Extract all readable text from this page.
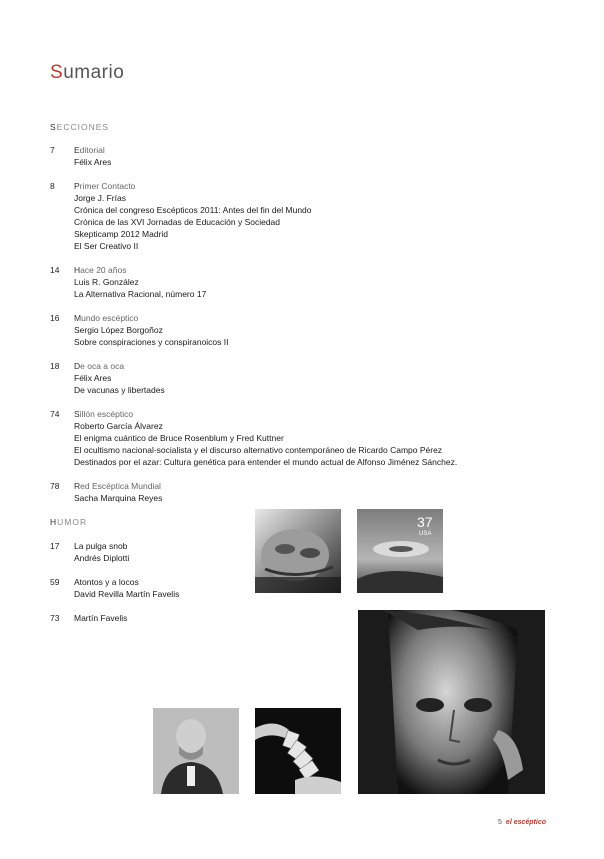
Sumario
SECCIONES
7 Editorial
Félix Ares
8 Primer Contacto
Jorge J. Frías
Crónica del congreso Escépticos 2011: Antes del fin del Mundo
Crónica de las XVI Jornadas de Educación y Sociedad
Skepticamp 2012 Madrid
El Ser Creativo II
14 Hace 20 años
Luis R. González
La Alternativa Racional, número 17
16 Mundo escéptico
Sergio López Borgoñoz
Sobre conspiraciones y conspiranoicos II
18 De oca a oca
Félix Ares
De vacunas y libertades
74 Sillón escéptico
Roberto García Álvarez
El enigma cuántico de Bruce Rosenblum y Fred Kuttner
El ocultismo nacional-socialista y el discurso alternativo contemporáneo de Ricardo Campo Pérez
Destinados por el azar: Cultura genética para entender el mundo actual de Alfonso Jiménez Sánchez.
78 Red Escéptica Mundial
Sacha Marquina Reyes
HUMOR
17 La pulga snob
Andrés Diplotti
59 Atontos y a locos
David Revilla Martín Favelis
73 Martín Favelis
37
USA
5 el escéptico
